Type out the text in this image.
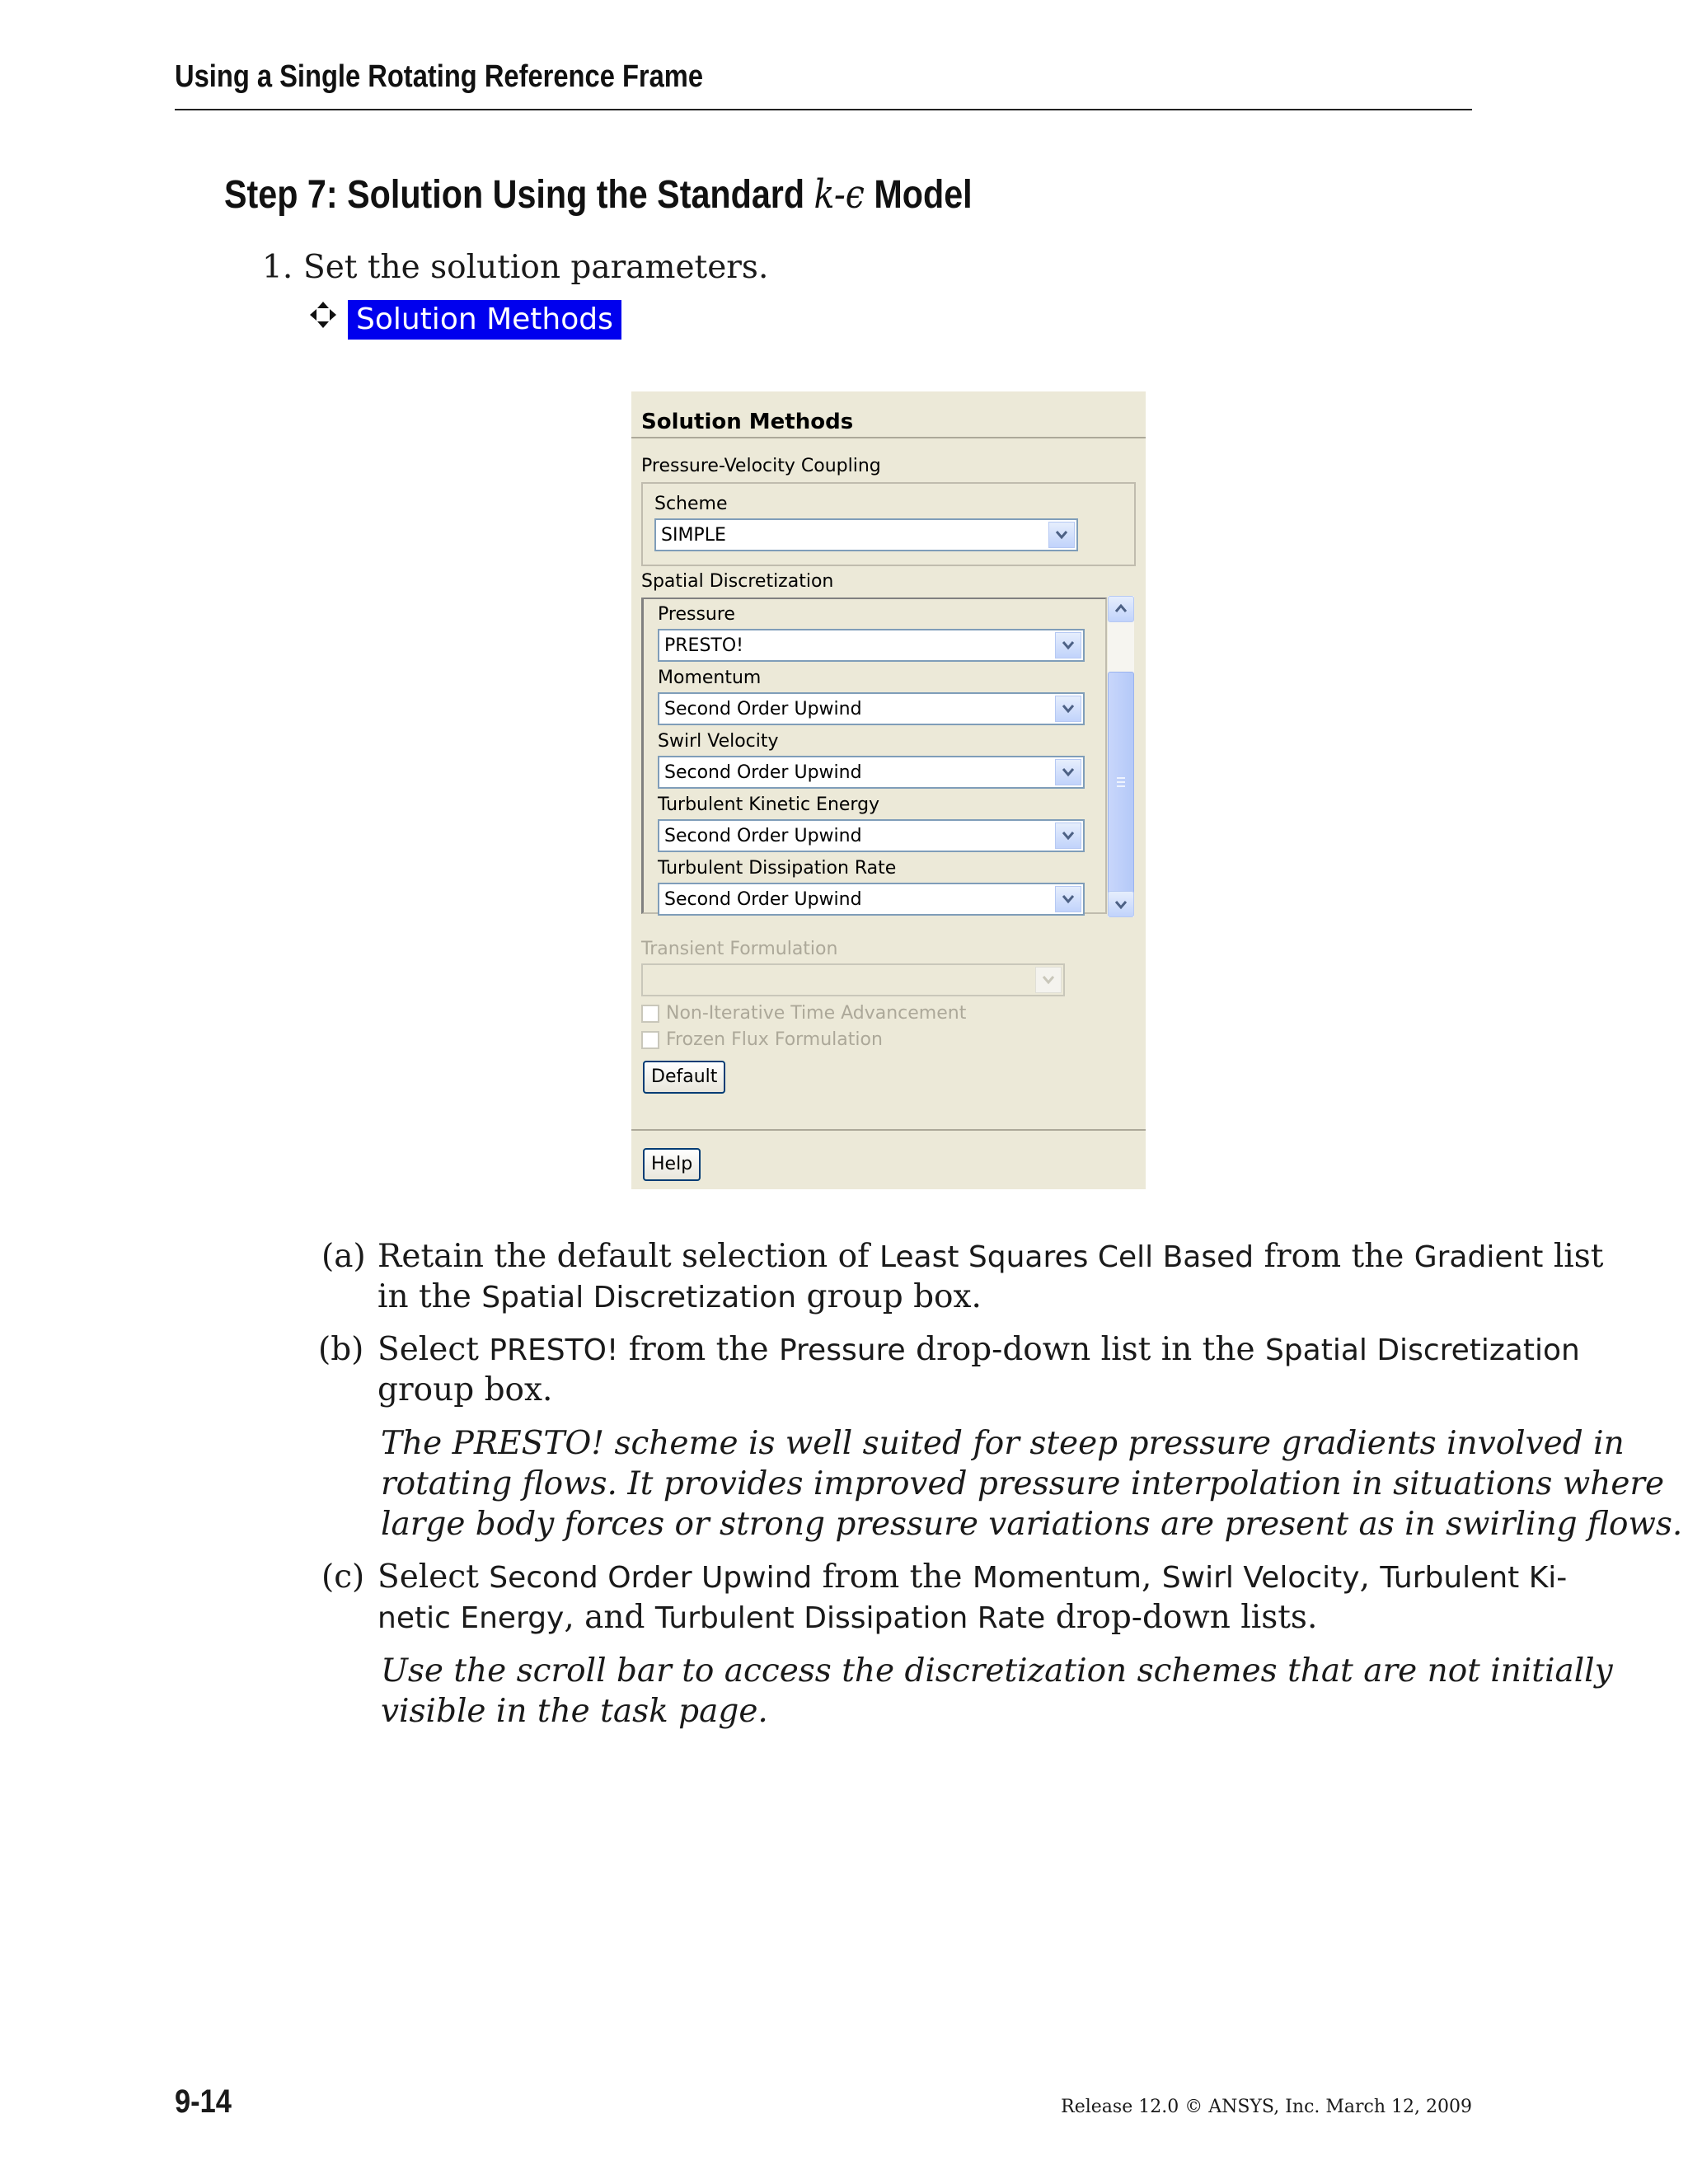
Using a Single Rotating Reference Frame
Step 7: Solution Using the Standard k-ϵ Model
1. Set the solution parameters.
Solution Methods
Solution Methods
Pressure-Velocity Coupling
Scheme
SIMPLE
Spatial Discretization
Pressure
PRESTO!
Momentum
Second Order Upwind
Swirl Velocity
Second Order Upwind
Turbulent Kinetic Energy
Second Order Upwind
Turbulent Dissipation Rate
Second Order Upwind
Transient Formulation
Non-Iterative Time Advancement
Frozen Flux Formulation
Default
Help
(a) Retain the default selection of Least Squares Cell Based from the Gradient list
in the Spatial Discretization group box.
(b) Select PRESTO! from the Pressure drop-down list in the Spatial Discretization
group box.
The PRESTO! scheme is well suited for steep pressure gradients involved in
rotating flows. It provides improved pressure interpolation in situations where
large body forces or strong pressure variations are present as in swirling flows.
(c) Select Second Order Upwind from the Momentum, Swirl Velocity, Turbulent Ki-
netic Energy, and Turbulent Dissipation Rate drop-down lists.
Use the scroll bar to access the discretization schemes that are not initially
visible in the task page.
9-14	Release 12.0 © ANSYS, Inc. March 12, 2009
